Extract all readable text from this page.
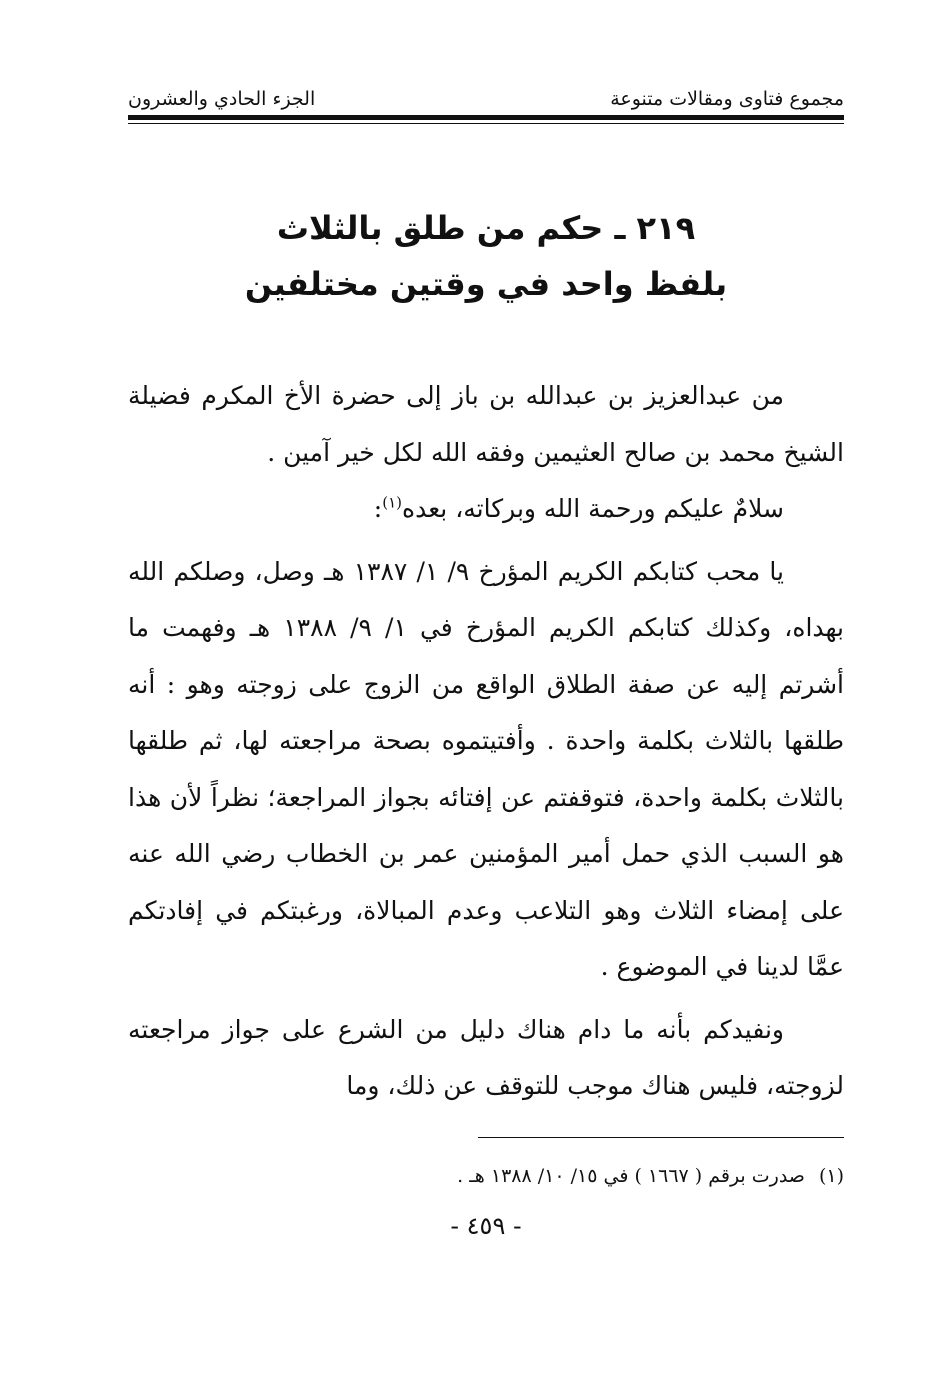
مجموع فتاوى ومقالات متنوعة
الجزء الحادي والعشرون
٢١٩ ـ حكم من طلق بالثلاث
بلفظ واحد في وقتين مختلفين

من عبدالعزيز بن عبدالله بن باز إلى حضرة الأخ المكرم فضيلة الشيخ محمد بن صالح العثيمين وفقه الله لكل خير آمين .

سلامٌ عليكم ورحمة الله وبركاته، بعده$^{(١)}$:

يا محب كتابكم الكريم المؤرخ ٩/ ١/ ١٣٨٧ هـ وصل، وصلكم الله بهداه، وكذلك كتابكم الكريم المؤرخ في ١/ ٩/ ١٣٨٨ هـ وفهمت ما أشرتم إليه عن صفة الطلاق الواقع من الزوج على زوجته وهو : أنه طلقها بالثلاث بكلمة واحدة . وأفتيتموه بصحة مراجعته لها، ثم طلقها بالثلاث بكلمة واحدة، فتوقفتم عن إفتائه بجواز المراجعة؛ نظراً لأن هذا هو السبب الذي حمل أمير المؤمنين عمر بن الخطاب رضي الله عنه على إمضاء الثلاث وهو التلاعب وعدم المبالاة، ورغبتكم في إفادتكم عمَّا لدينا في الموضوع .

ونفيدكم بأنه ما دام هناك دليل من الشرع على جواز مراجعته لزوجته، فليس هناك موجب للتوقف عن ذلك، وما

(١)صدرت برقم ( ١٦٦٧ ) في ١٥/ ١٠/ ١٣٨٨ هـ .
- ٤٥٩ -
